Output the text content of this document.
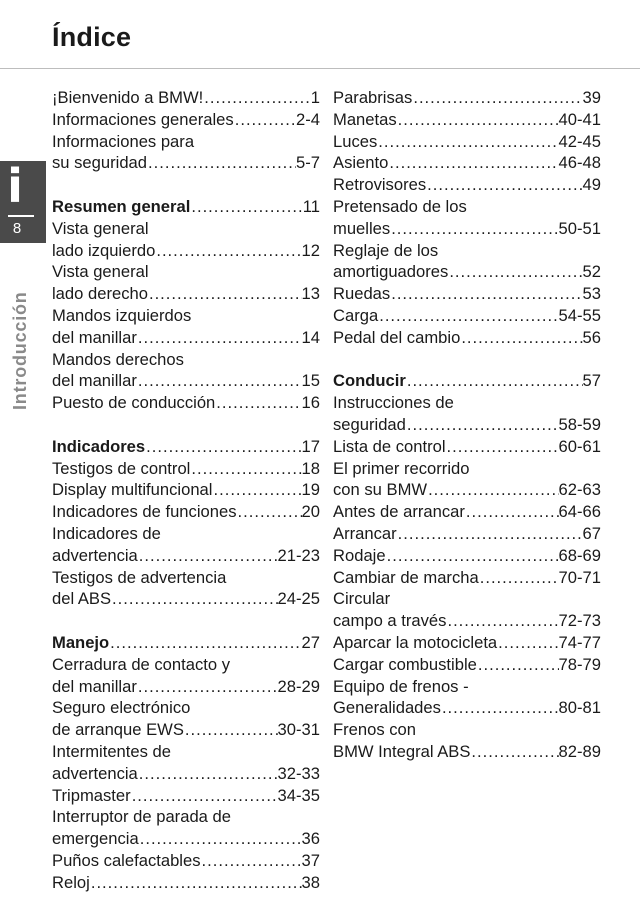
Índice
i
8
Introducción
¡Bienvenido a BMW! .....	1
Informaciones generales .....	2-4
Informaciones para
su seguridad .....	5-7
Resumen general .....	11
Vista general
lado izquierdo .....	12
Vista general
lado derecho .....	13
Mandos izquierdos
del manillar .....	14
Mandos derechos
del manillar .....	15
Puesto de conducción .....	16
Indicadores .....	17
Testigos de control .....	18
Display multifuncional .....	19
Indicadores de funciones .....	20
Indicadores de
advertencia .....	21-23
Testigos de advertencia
del ABS .....	24-25
Manejo .....	27
Cerradura de contacto y
del manillar .....	28-29
Seguro electrónico
de arranque EWS .....	30-31
Intermitentes de
advertencia .....	32-33
Tripmaster .....	34-35
Interruptor de parada de
emergencia .....	36
Puños calefactables .....	37
Reloj .....	38
Parabrisas .....	39
Manetas .....	40-41
Luces .....	42-45
Asiento .....	46-48
Retrovisores .....	49
Pretensado de los
muelles .....	50-51
Reglaje de los
amortiguadores .....	52
Ruedas .....	53
Carga .....	54-55
Pedal del cambio .....	56
Conducir .....	57
Instrucciones de
seguridad .....	58-59
Lista de control .....	60-61
El primer recorrido
con su BMW .....	62-63
Antes de arrancar .....	64-66
Arrancar .....	67
Rodaje .....	68-69
Cambiar de marcha .....	70-71
Circular
campo a través .....	72-73
Aparcar la motocicleta .....	74-77
Cargar combustible .....	78-79
Equipo de frenos -
Generalidades .....	80-81
Frenos con
BMW Integral ABS .....	82-89
